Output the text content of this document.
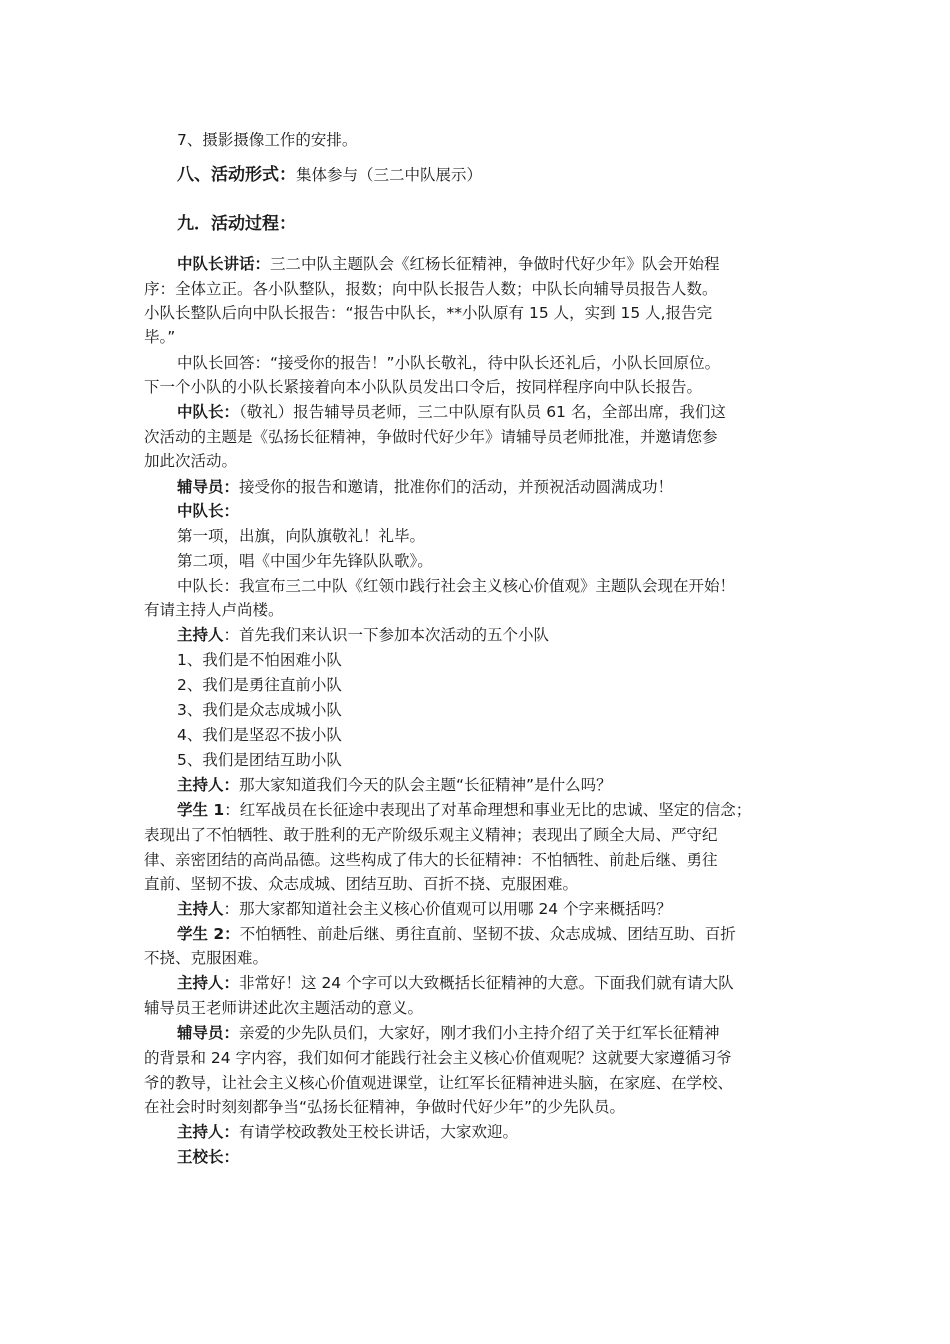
7、摄影摄像工作的安排。
八、活动形式：集体参与（三二中队展示）
九．活动过程：
中队长讲话：三二中队主题队会《红杨长征精神，争做时代好少年》队会开始程
序：全体立正。各小队整队，报数；向中队长报告人数；中队长向辅导员报告人数。
小队长整队后向中队长报告：“报告中队长，**小队原有 15 人，实到 15 人,报告完
毕。”
中队长回答：“接受你的报告！”小队长敬礼，待中队长还礼后，小队长回原位。
下一个小队的小队长紧接着向本小队队员发出口令后，按同样程序向中队长报告。
中队长：（敬礼）报告辅导员老师，三二中队原有队员 61 名，全部出席，我们这
次活动的主题是《弘扬长征精神，争做时代好少年》请辅导员老师批准，并邀请您参
加此次活动。
辅导员：接受你的报告和邀请，批准你们的活动，并预祝活动圆满成功！
中队长：
第一项，出旗，向队旗敬礼！礼毕。
第二项，唱《中国少年先锋队队歌》。
中队长：我宣布三二中队《红领巾践行社会主义核心价值观》主题队会现在开始！
有请主持人卢尚楼。
主持人：首先我们来认识一下参加本次活动的五个小队
1、我们是不怕困难小队
2、我们是勇往直前小队
3、我们是众志成城小队
4、我们是坚忍不拔小队
5、我们是团结互助小队
主持人：那大家知道我们今天的队会主题“长征精神”是什么吗？
学生 1：红军战员在长征途中表现出了对革命理想和事业无比的忠诚、坚定的信念；
表现出了不怕牺牲、敢于胜利的无产阶级乐观主义精神；表现出了顾全大局、严守纪
律、亲密团结的高尚品德。这些构成了伟大的长征精神：不怕牺牲、前赴后继、勇往
直前、坚韧不拔、众志成城、团结互助、百折不挠、克服困难。
主持人：那大家都知道社会主义核心价值观可以用哪 24 个字来概括吗？
学生 2：不怕牺牲、前赴后继、勇往直前、坚韧不拔、众志成城、团结互助、百折
不挠、克服困难。
主持人：非常好！这 24 个字可以大致概括长征精神的大意。下面我们就有请大队
辅导员王老师讲述此次主题活动的意义。
辅导员：亲爱的少先队员们，大家好，刚才我们小主持介绍了关于红军长征精神
的背景和 24 字内容，我们如何才能践行社会主义核心价值观呢？这就要大家遵循习爷
爷的教导，让社会主义核心价值观进课堂，让红军长征精神进头脑，在家庭、在学校、
在社会时时刻刻都争当“弘扬长征精神，争做时代好少年”的少先队员。
主持人：有请学校政教处王校长讲话，大家欢迎。
王校长：
